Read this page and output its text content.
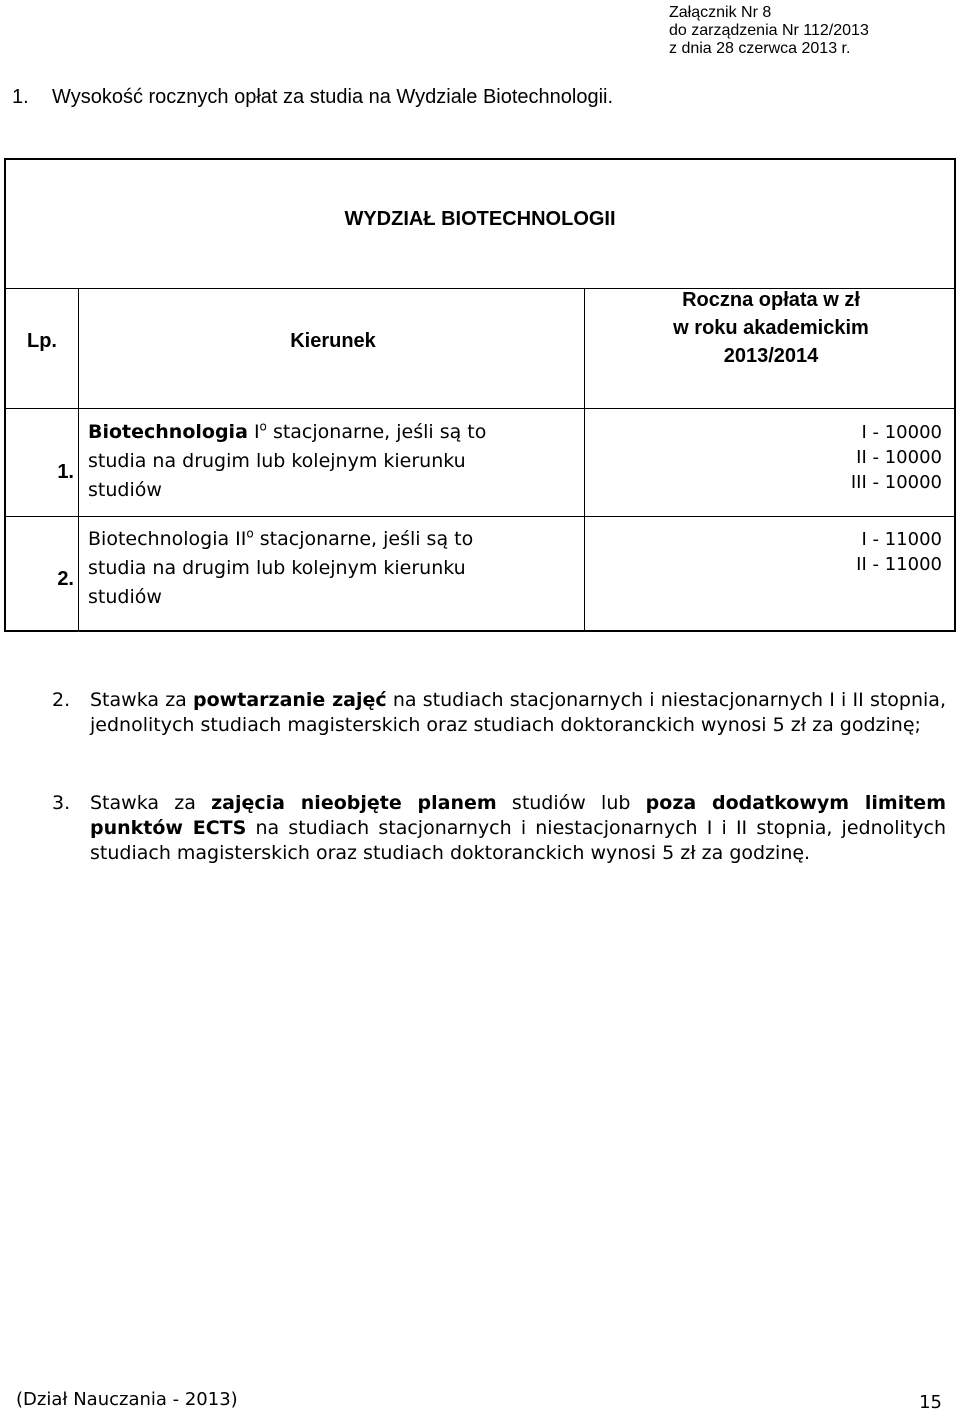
Załącznik Nr 8
do zarządzenia Nr 112/2013
z dnia 28 czerwca 2013 r.
1. Wysokość rocznych opłat za studia na Wydziale Biotechnologii.
WYDZIAŁ BIOTECHNOLOGII
Lp.	Kierunek
Roczna opłata w zł
w roku akademickim
2013/2014
1.
Biotechnologia $I^o$ stacjonarne, jeśli są to
studia na drugim lub kolejnym kierunku
studiów
I - 10000
II - 10000
III - 10000
2.
Biotechnologia $II^o$ stacjonarne, jeśli są to
studia na drugim lub kolejnym kierunku
studiów
I - 11000
II - 11000
2. Stawka za powtarzanie zajęć na studiach stacjonarnych i niestacjonarnych I i II stopnia, jednolitych studiach magisterskich oraz studiach doktoranckich wynosi 5 zł za godzinę;
3. Stawka za zajęcia nieobjęte planem studiów lub poza dodatkowym limitem punktów ECTS na studiach stacjonarnych i niestacjonarnych I i II stopnia, jednolitych studiach magisterskich oraz studiach doktoranckich wynosi 5 zł za godzinę.
(Dział Nauczania - 2013)	15
